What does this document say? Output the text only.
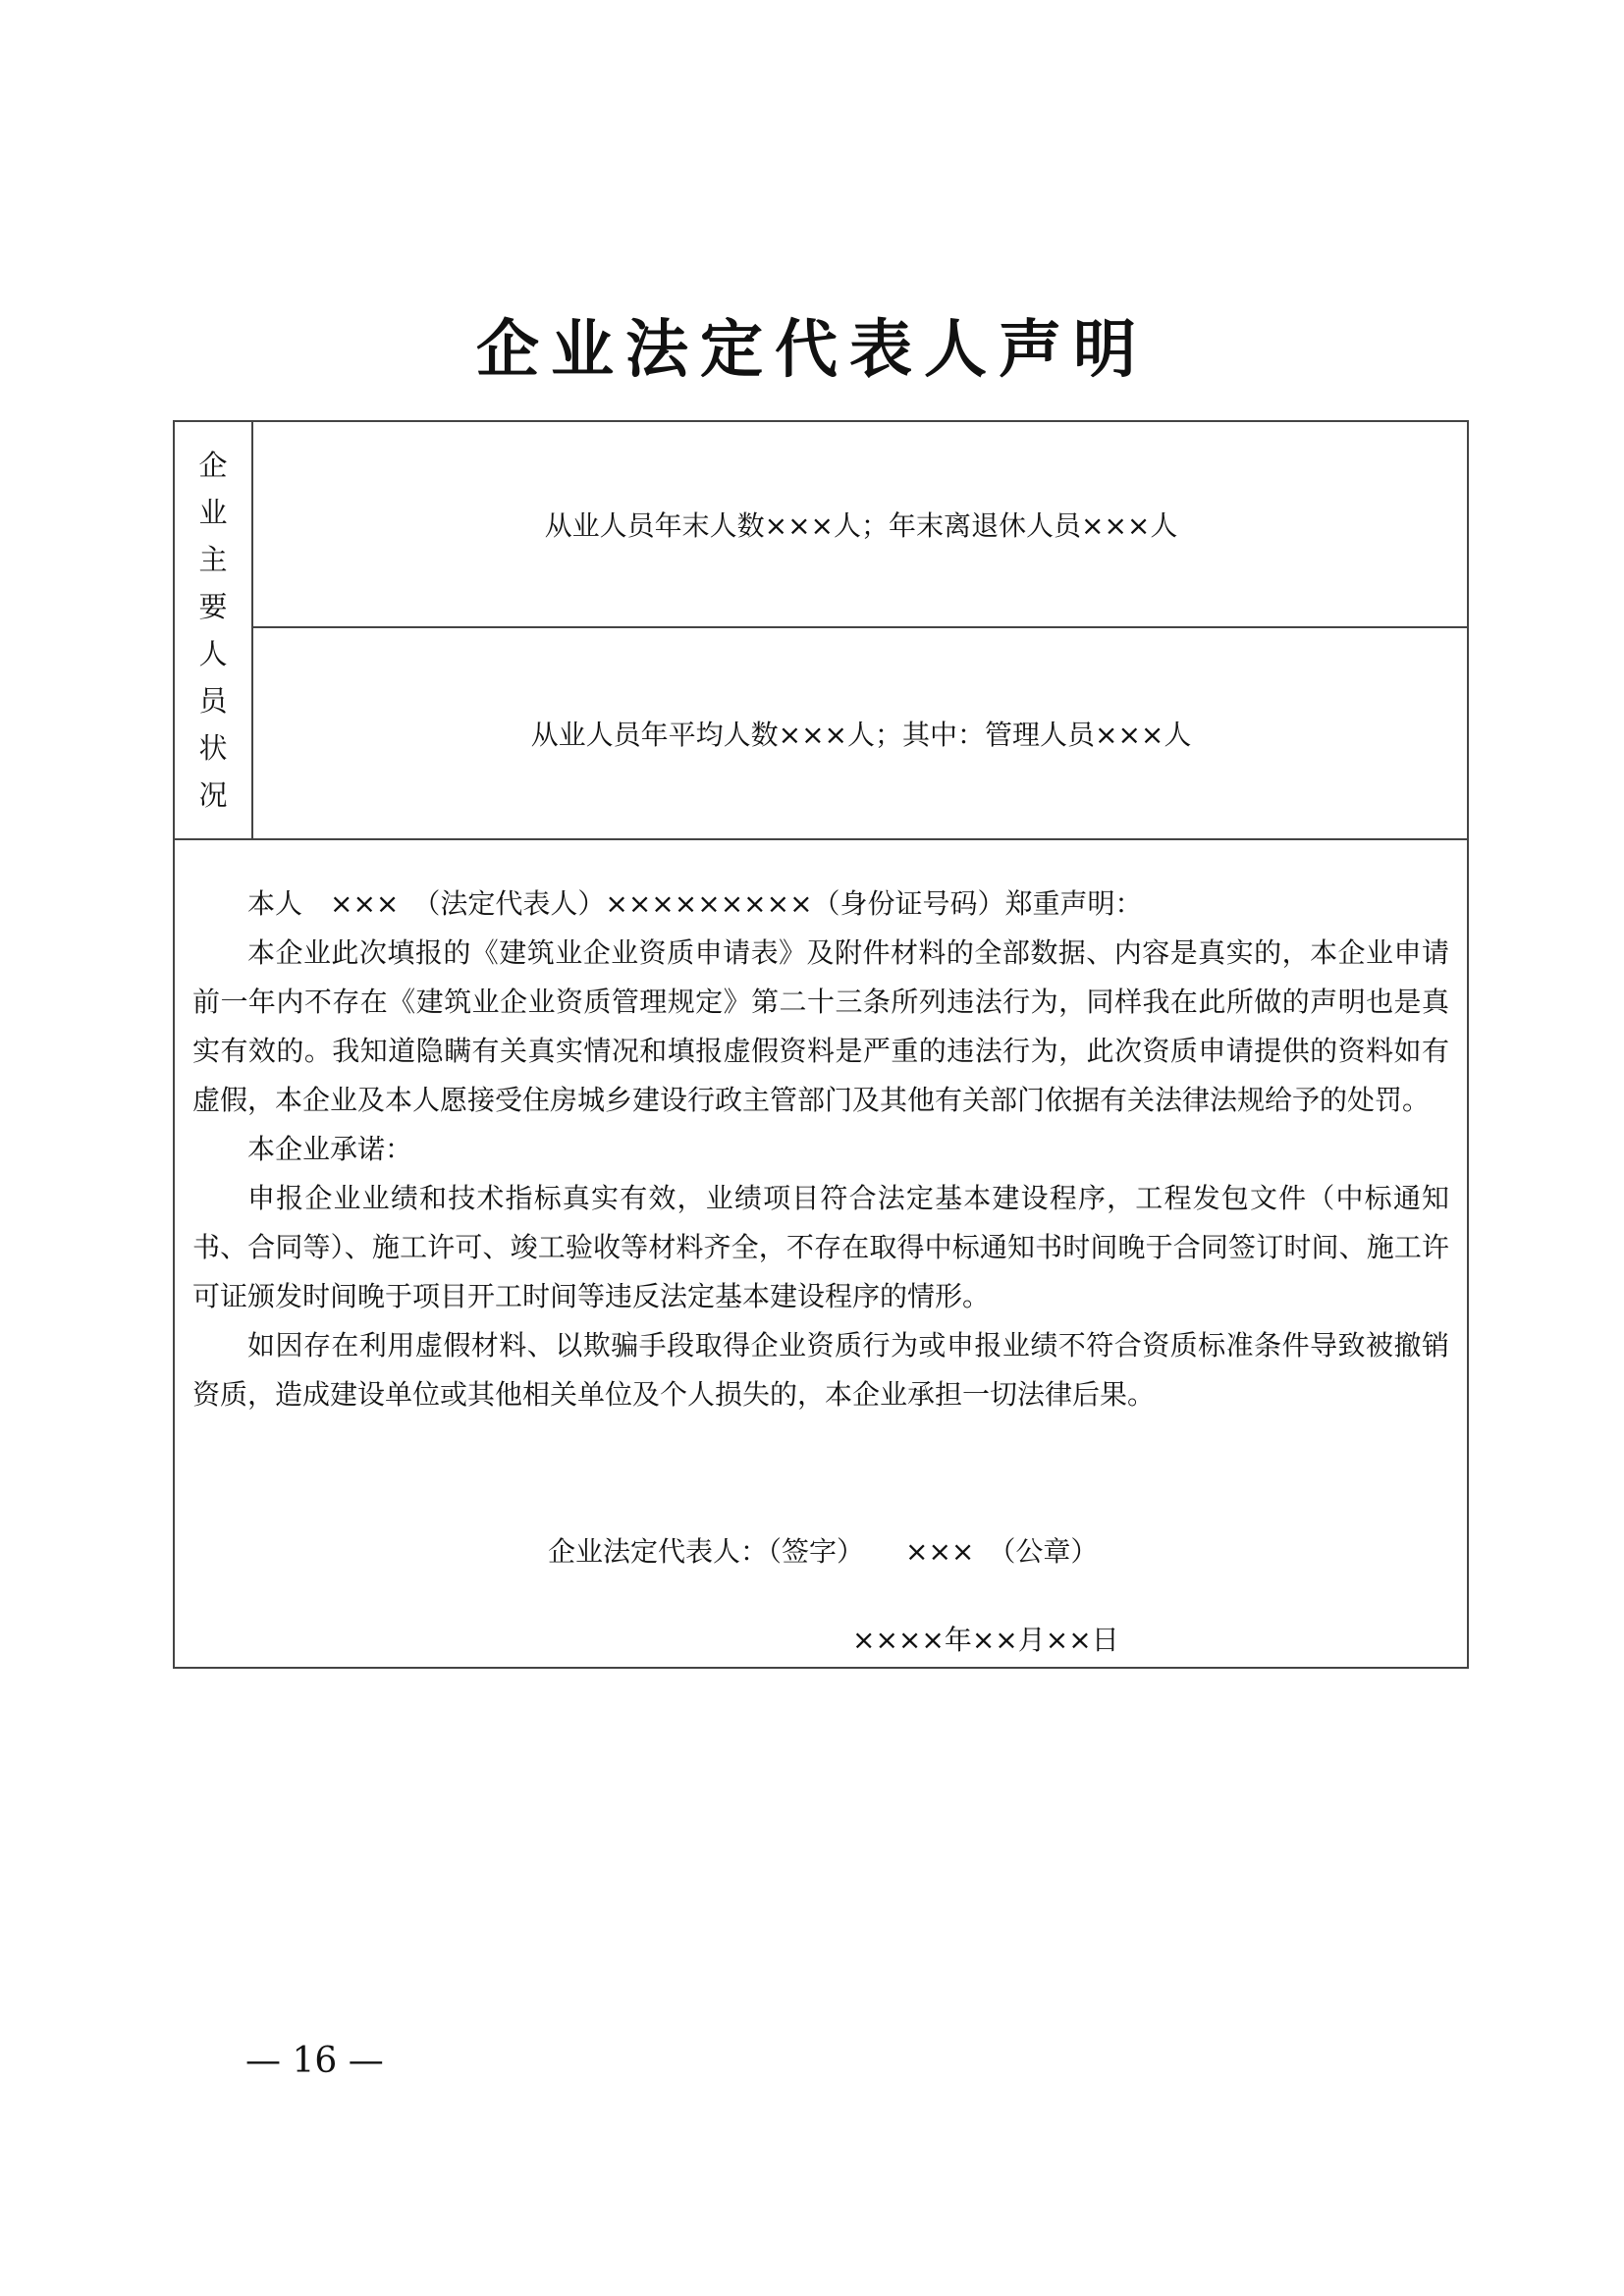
企业法定代表人声明
企
业
主
要
人
员
状
况
从业人员年末人数×××人；年末离退休人员×××人
从业人员年平均人数×××人；其中：管理人员×××人

本人　×××　（法定代表人）×××××××××（身份证号码）郑重声明：

本企业此次填报的《建筑业企业资质申请表》及附件材料的全部数据、内容是真实的，本企业申请前一年内不存在《建筑业企业资质管理规定》第二十三条所列违法行为，同样我在此所做的声明也是真实有效的。我知道隐瞒有关真实情况和填报虚假资料是严重的违法行为，此次资质申请提供的资料如有虚假，本企业及本人愿接受住房城乡建设行政主管部门及其他有关部门依据有关法律法规给予的处罚。

本企业承诺：

申报企业业绩和技术指标真实有效，业绩项目符合法定基本建设程序，工程发包文件（中标通知书、合同等）、施工许可、竣工验收等材料齐全，不存在取得中标通知书时间晚于合同签订时间、施工许可证颁发时间晚于项目开工时间等违反法定基本建设程序的情形。

如因存在利用虚假材料、以欺骗手段取得企业资质行为或申报业绩不符合资质标准条件导致被撤销资质，造成建设单位或其他相关单位及个人损失的，本企业承担一切法律后果。

企业法定代表人：（签字）　　×××　（公章）
××××年××月××日
— 16 —
